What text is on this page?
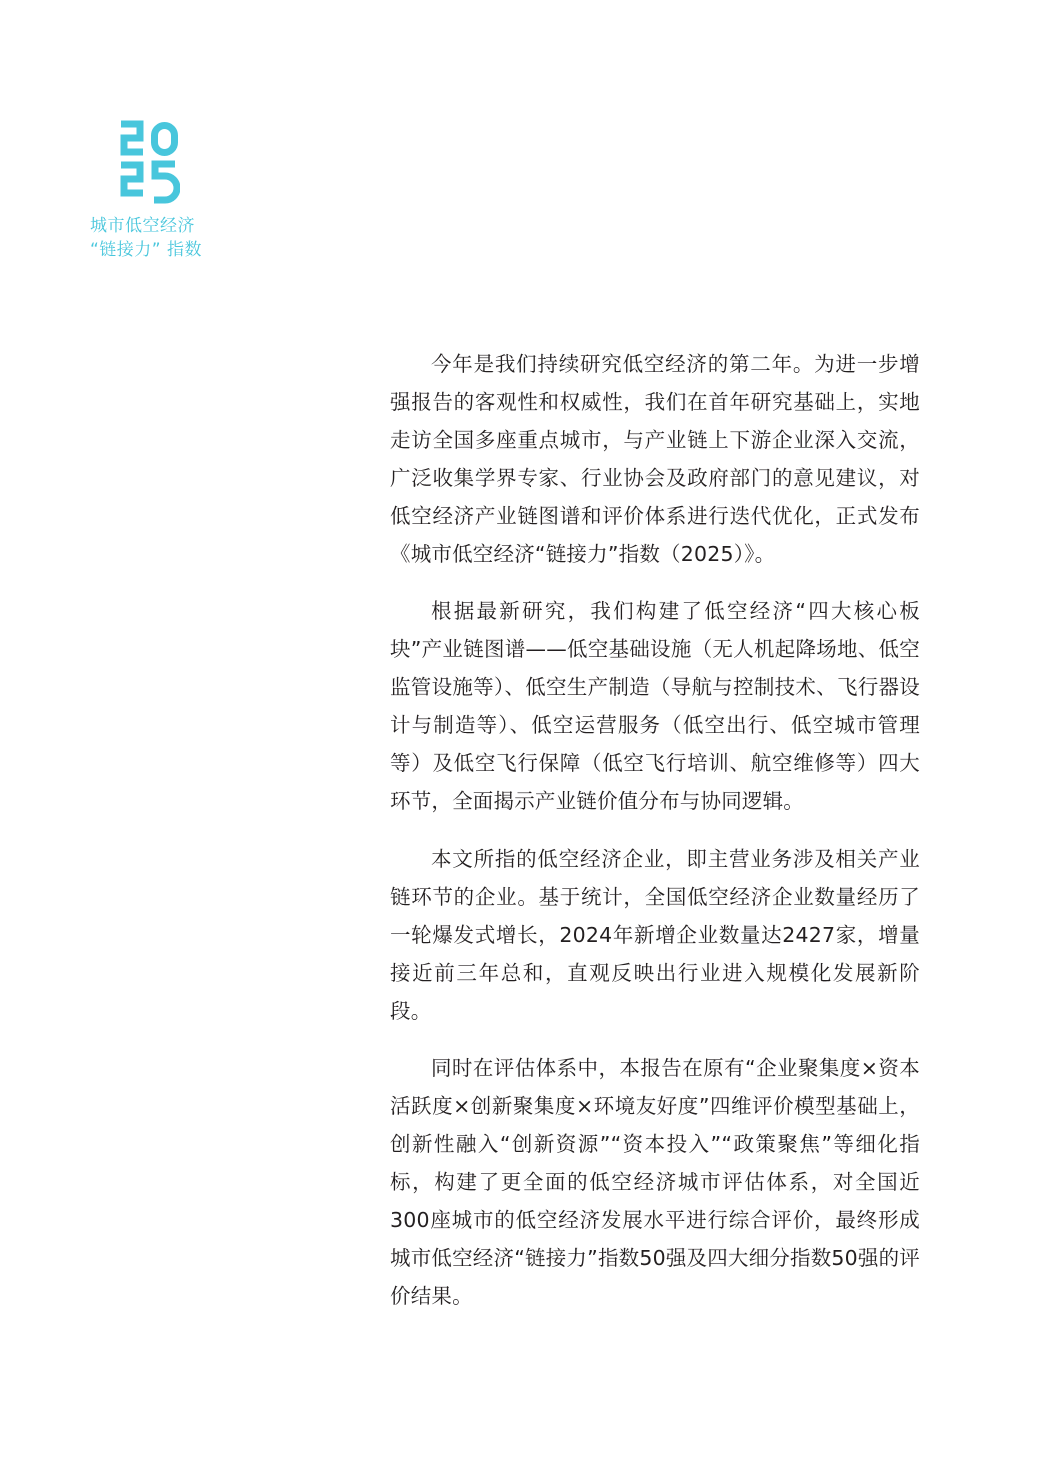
城市低空经济
“链接力” 指数

今年是我们持续研究低空经济的第二年。为进一步增强报告的客观性和权威性，我们在首年研究基础上，实地走访全国多座重点城市，与产业链上下游企业深入交流，广泛收集学界专家、行业协会及政府部门的意见建议，对低空经济产业链图谱和评价体系进行迭代优化，正式发布《城市低空经济“链接力”指数（2025）》。

根据最新研究，我们构建了低空经济“四大核心板块”产业链图谱——低空基础设施（无人机起降场地、低空监管设施等）、低空生产制造（导航与控制技术、飞行器设计与制造等）、低空运营服务（低空出行、低空城市管理等）及低空飞行保障（低空飞行培训、航空维修等）四大环节，全面揭示产业链价值分布与协同逻辑。

本文所指的低空经济企业，即主营业务涉及相关产业链环节的企业。基于统计，全国低空经济企业数量经历了一轮爆发式增长，2024年新增企业数量达2427家，增量接近前三年总和，直观反映出行业进入规模化发展新阶段。

同时在评估体系中，本报告在原有“企业聚集度×资本活跃度×创新聚集度×环境友好度”四维评价模型基础上，创新性融入“创新资源”“资本投入”“政策聚焦”等细化指标，构建了更全面的低空经济城市评估体系，对全国近300座城市的低空经济发展水平进行综合评价，最终形成城市低空经济“链接力”指数50强及四大细分指数50强的评价结果。
